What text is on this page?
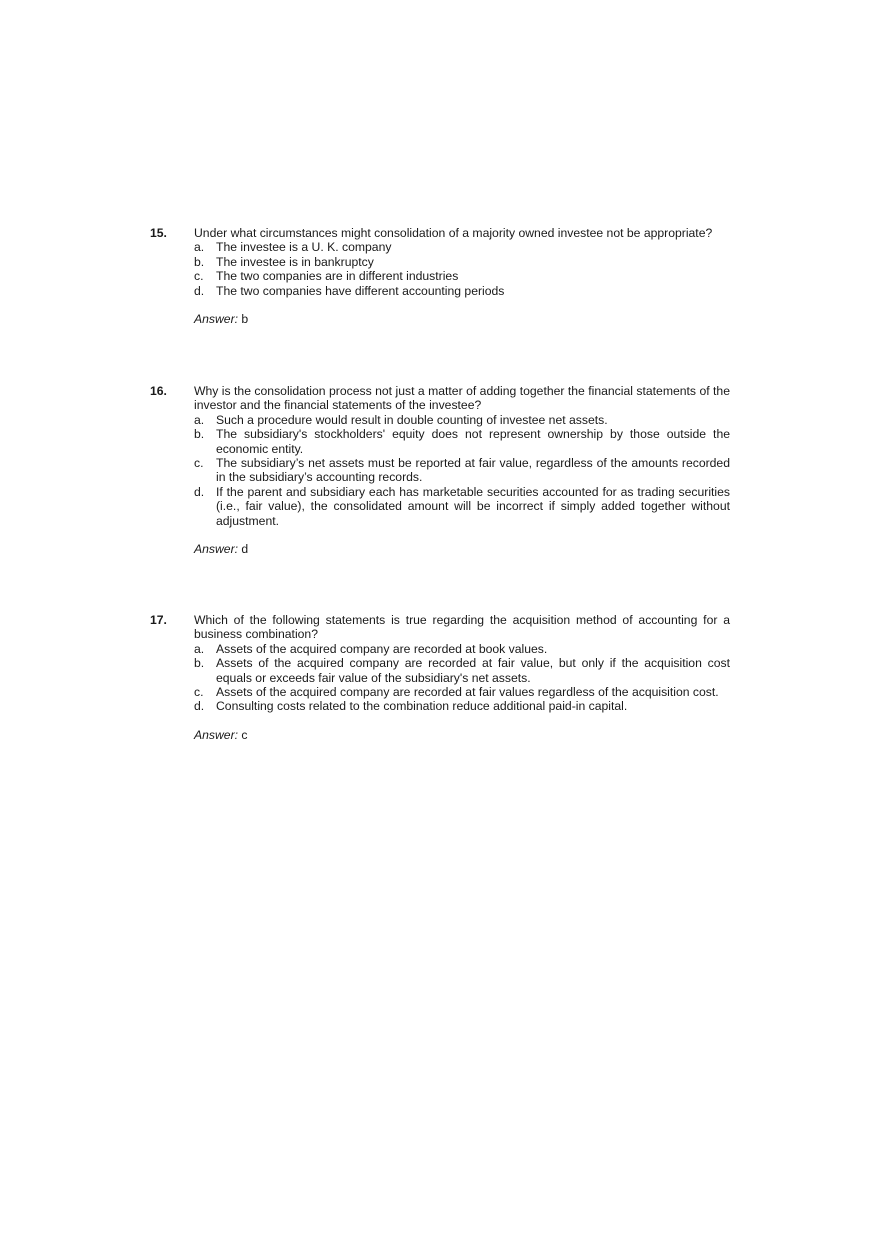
15. Under what circumstances might consolidation of a majority owned investee not be appropriate?
a. The investee is a U. K. company
b. The investee is in bankruptcy
c.	The two companies are in different industries
d. The two companies have different accounting periods
Answer: b
16. Why is the consolidation process not just a matter of adding together the financial statements of the investor and the financial statements of the investee?
a. Such a procedure would result in double counting of investee net assets.
b. The subsidiary's stockholders' equity does not represent ownership by those outside the economic entity.
c.	The subsidiary’s net assets must be reported at fair value, regardless of the amounts recorded in the subsidiary’s accounting records.
d. If the parent and subsidiary each has marketable securities accounted for as trading securities (i.e., fair value), the consolidated amount will be incorrect if simply added together without adjustment.
Answer: d
17. Which of the following statements is true regarding the acquisition method of accounting for a business combination?
a. Assets of the acquired company are recorded at book values.
b. Assets of the acquired company are recorded at fair value, but only if the acquisition cost equals or exceeds fair value of the subsidiary's net assets.
c.	Assets of the acquired company are recorded at fair values regardless of the acquisition cost.
d. Consulting costs related to the combination reduce additional paid-in capital.
Answer: c
